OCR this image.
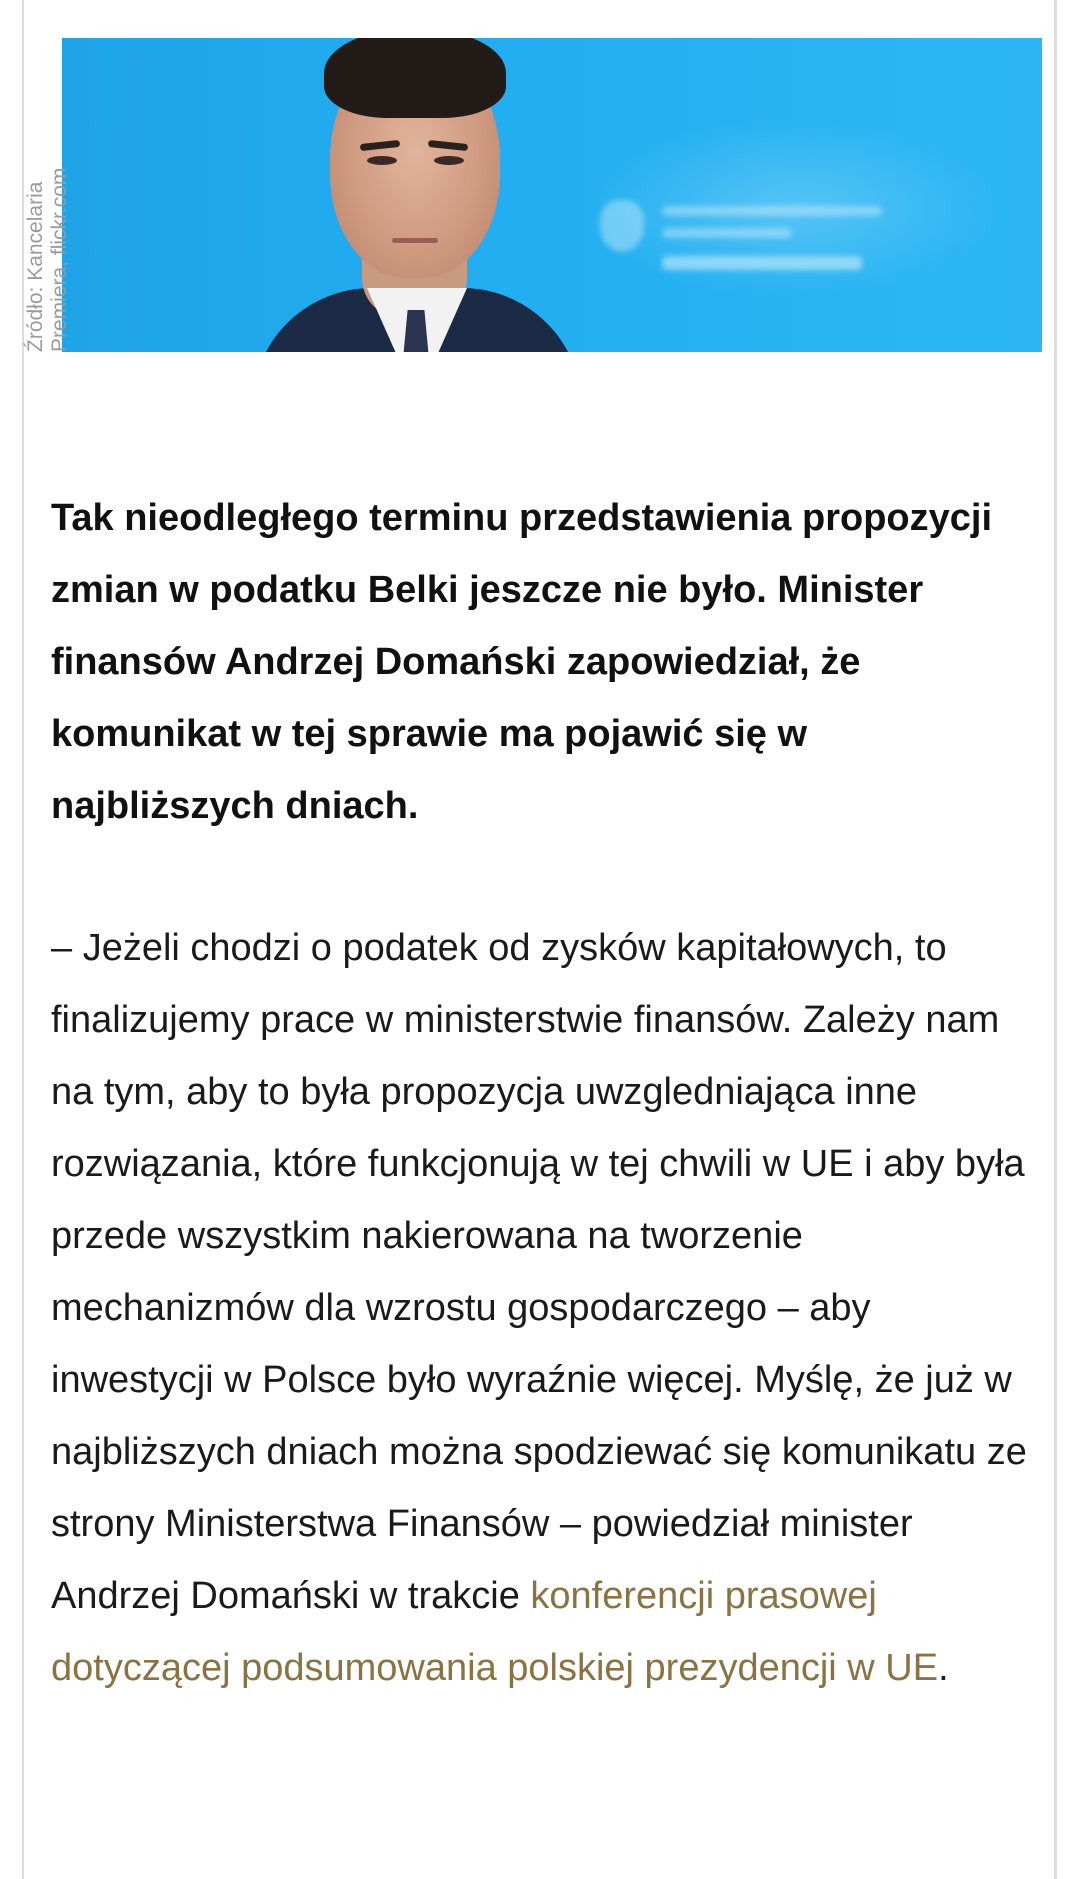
Źródło: Kancelaria Premiera, flickr.com

Tak nieodległego terminu przedstawienia propozycji zmian w podatku Belki jeszcze nie było. Minister finansów Andrzej Domański zapowiedział, że komunikat w tej sprawie ma pojawić się w najbliższych dniach.

– Jeżeli chodzi o podatek od zysków kapitałowych, to finalizujemy prace w ministerstwie finansów. Zależy nam na tym, aby to była propozycja uwzgledniająca inne rozwiązania, które funkcjonują w tej chwili w UE i aby była przede wszystkim nakierowana na tworzenie mechanizmów dla wzrostu gospodarczego – aby inwestycji w Polsce było wyraźnie więcej. Myślę, że już w najbliższych dniach można spodziewać się komunikatu ze strony Ministerstwa Finansów – powiedział minister Andrzej Domański w trakcie konferencji prasowej dotyczącej podsumowania polskiej prezydencji w UE.
